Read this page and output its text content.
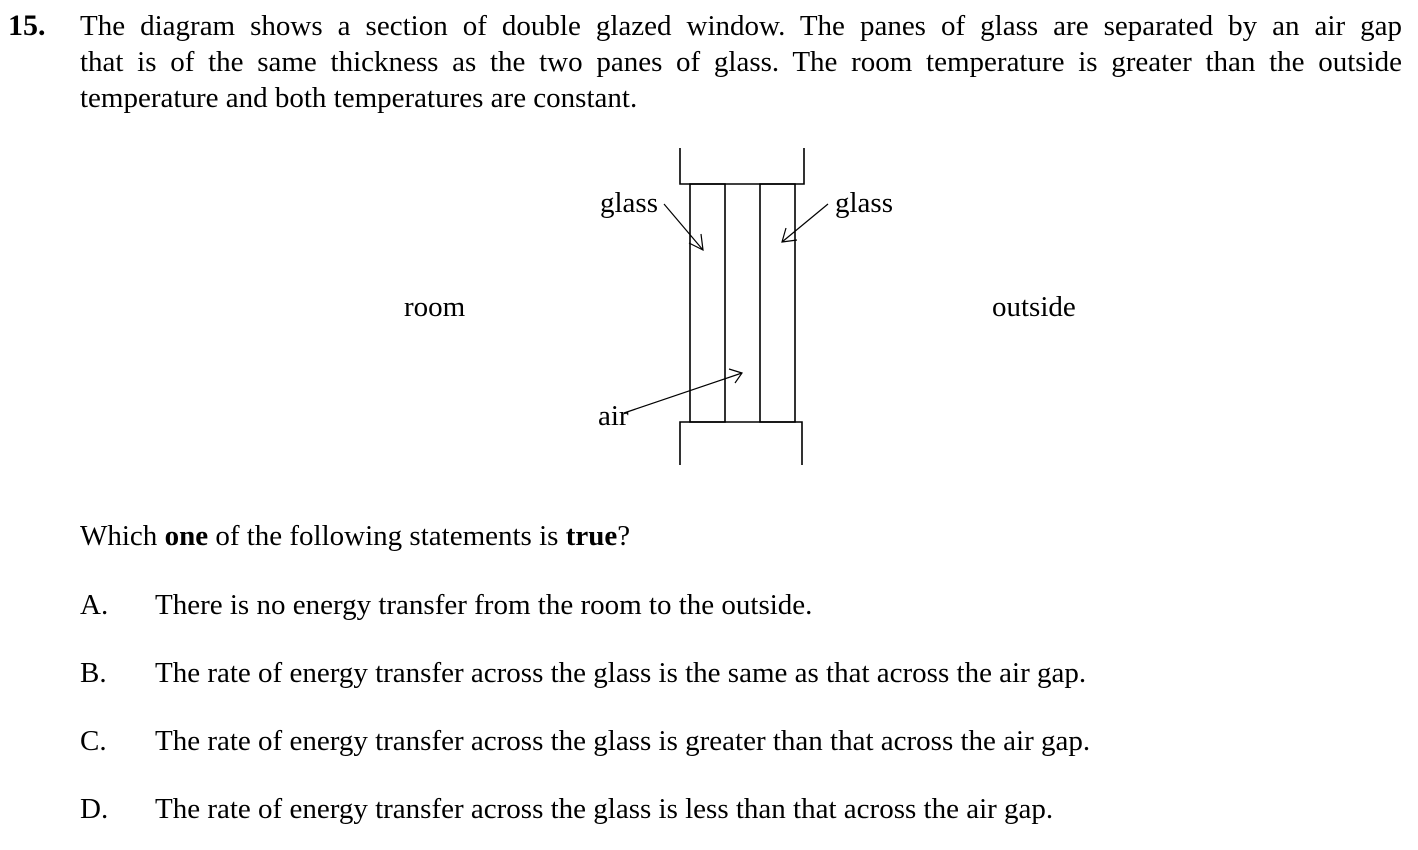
15. The diagram shows a section of double glazed window. The panes of glass are separated by an air gap
that is of the same thickness as the two panes of glass. The room temperature is greater than the outside
temperature and both temperatures are constant.
glass	glass
room	outside
air
Which one of the following statements is true?
A. There is no energy transfer from the room to the outside.
B. The rate of energy transfer across the glass is the same as that across the air gap.
C. The rate of energy transfer across the glass is greater than that across the air gap.
D. The rate of energy transfer across the glass is less than that across the air gap.
